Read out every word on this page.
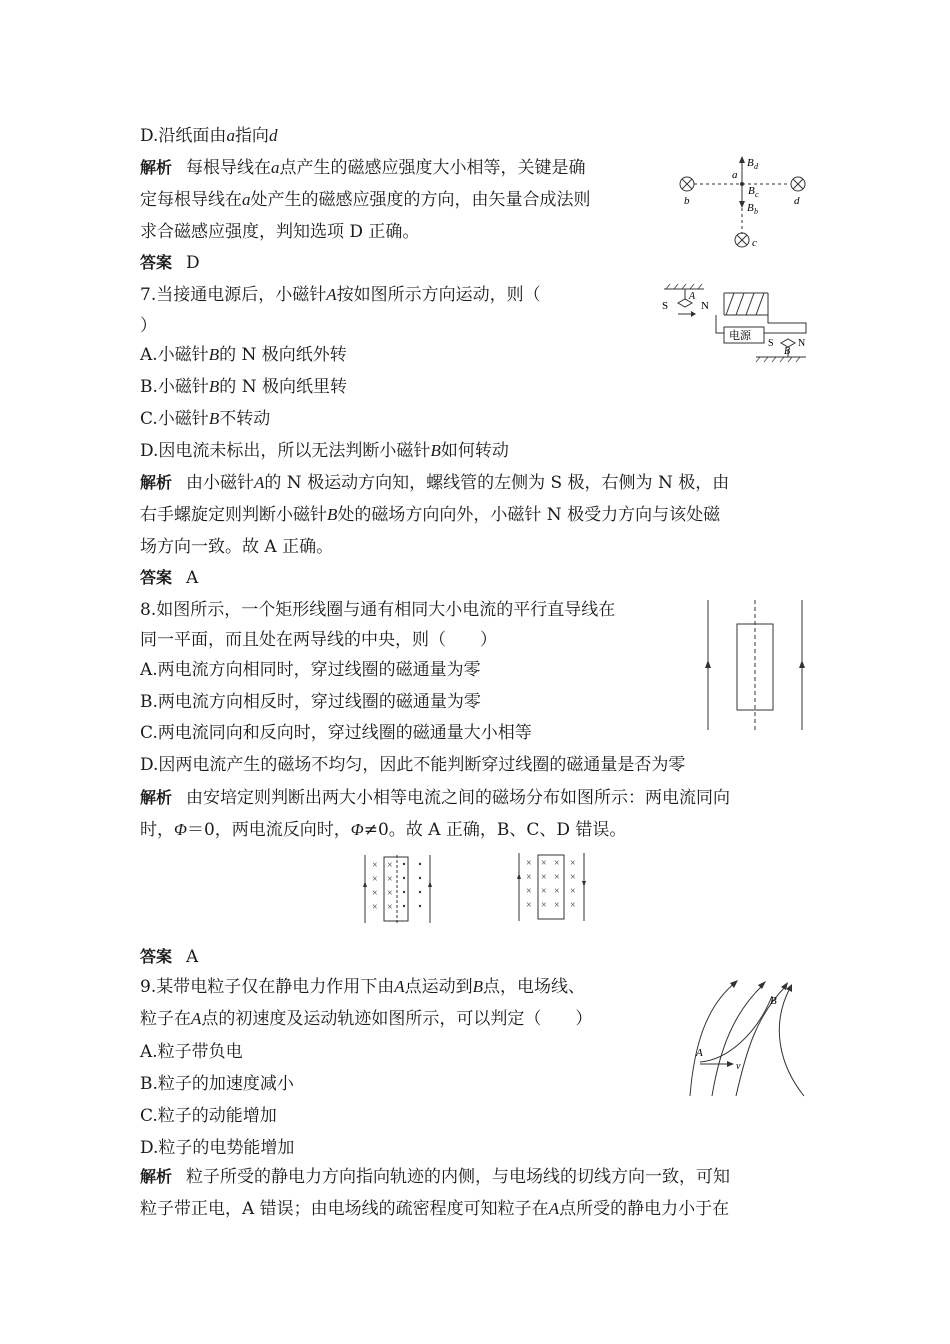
D.沿纸面由a指向d
解析 每根导线在a点产生的磁感应强度大小相等，关键是确
定每根导线在a处产生的磁感应强度的方向，由矢量合成法则
求合磁感应强度，判知选项 D 正确。
答案 D
B d
a
B c
B b
b	d
c
7.当接通电源后，小磁针A按如图所示方向运动，则（
）
A.小磁针B的 N 极向纸外转
B.小磁针B的 N 极向纸里转
C.小磁针B不转动
D.因电流未标出，所以无法判断小磁针B如何转动
解析 由小磁针A的 N 极运动方向知，螺线管的左侧为 S 极，右侧为 N 极，由
右手螺旋定则判断小磁针B处的磁场方向向外，小磁针 N 极受力方向与该处磁
场方向一致。故 A 正确。
答案 A
S	N
A
电源
S N
B
8.如图所示，一个矩形线圈与通有相同大小电流的平行直导线在
同一平面，而且处在两导线的中央，则（　　）
A.两电流方向相同时，穿过线圈的磁通量为零
B.两电流方向相反时，穿过线圈的磁通量为零
C.两电流同向和反向时，穿过线圈的磁通量大小相等
D.因两电流产生的磁场不均匀，因此不能判断穿过线圈的磁通量是否为零
解析 由安培定则判断出两大小相等电流之间的磁场分布如图所示：两电流同向
时，Φ＝0，两电流反向时，Φ≠0。故 A 正确，B、C、D 错误。
答案 A
×
×
×
×
×
×
×
×
×
×
×
×
×
×
×
×
×
×
×
×
×
×
×
×
9.某带电粒子仅在静电力作用下由A点运动到B点，电场线、
粒子在A点的初速度及运动轨迹如图所示，可以判定（　　）
A.粒子带负电
B.粒子的加速度减小
C.粒子的动能增加
D.粒子的电势能增加
解析 粒子所受的静电力方向指向轨迹的内侧，与电场线的切线方向一致，可知
粒子带正电，A 错误；由电场线的疏密程度可知粒子在A点所受的静电力小于在
A
B
v
